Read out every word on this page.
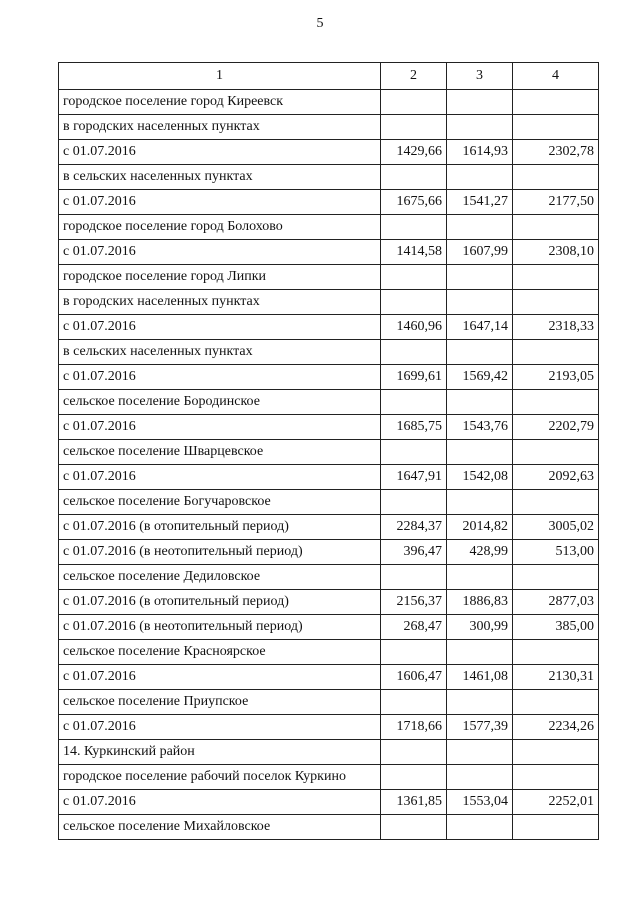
5
1	2	3	4
городское поселение город Киреевск			
в городских населенных пунктах			
с 01.07.2016	1429,66	1614,93	2302,78
в сельских населенных пунктах			
с 01.07.2016	1675,66	1541,27	2177,50
городское поселение город Болохово			
с 01.07.2016	1414,58	1607,99	2308,10
городское поселение город Липки			
в городских населенных пунктах			
с 01.07.2016	1460,96	1647,14	2318,33
в сельских населенных пунктах			
с 01.07.2016	1699,61	1569,42	2193,05
сельское поселение Бородинское			
с 01.07.2016	1685,75	1543,76	2202,79
сельское поселение Шварцевское			
с 01.07.2016	1647,91	1542,08	2092,63
сельское поселение Богучаровское			
с 01.07.2016 (в отопительный период)	2284,37	2014,82	3005,02
с 01.07.2016 (в неотопительный период)	396,47	428,99	513,00
сельское поселение Дедиловское			
с 01.07.2016 (в отопительный период)	2156,37	1886,83	2877,03
с 01.07.2016 (в неотопительный период)	268,47	300,99	385,00
сельское поселение Красноярское			
с 01.07.2016	1606,47	1461,08	2130,31
сельское поселение Приупское			
с 01.07.2016	1718,66	1577,39	2234,26
14. Куркинский район			
городское поселение рабочий поселок Куркино			
с 01.07.2016	1361,85	1553,04	2252,01
сельское поселение Михайловское			
